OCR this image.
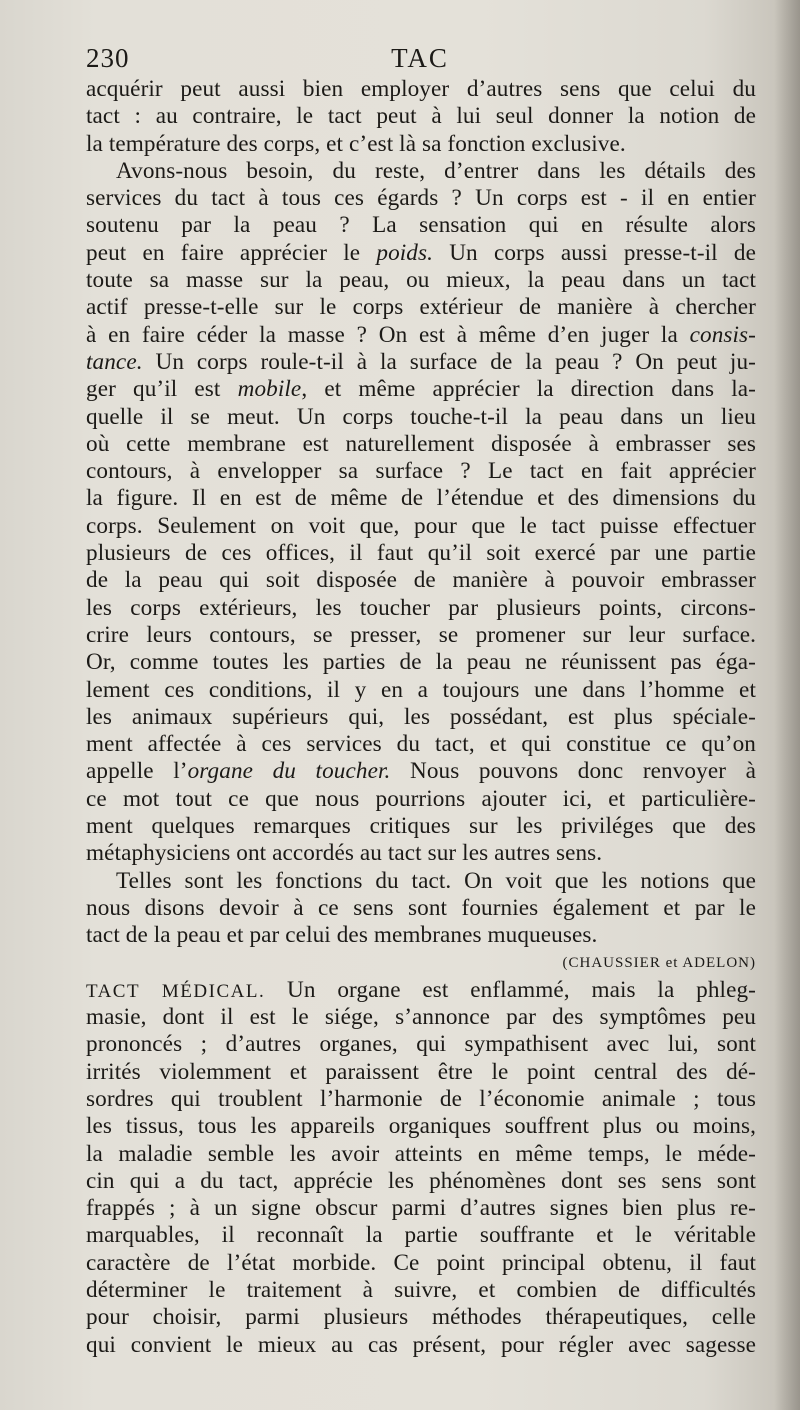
230	TAC
acquérir peut aussi bien employer d’autres sens que celui du
tact : au contraire, le tact peut à lui seul donner la notion de
la température des corps, et c’est là sa fonction exclusive.
Avons-nous besoin, du reste, d’entrer dans les détails des
services du tact à tous ces égards ? Un corps est - il en entier
soutenu par la peau ? La sensation qui en résulte alors
peut en faire apprécier le poids. Un corps aussi presse-t-il de
toute sa masse sur la peau, ou mieux, la peau dans un tact
actif presse-t-elle sur le corps extérieur de manière à chercher
à en faire céder la masse ? On est à même d’en juger la consis-
tance. Un corps roule-t-il à la surface de la peau ? On peut ju-
ger qu’il est mobile, et même apprécier la direction dans la-
quelle il se meut. Un corps touche-t-il la peau dans un lieu
où cette membrane est naturellement disposée à embrasser ses
contours, à envelopper sa surface ? Le tact en fait apprécier
la figure. Il en est de même de l’étendue et des dimensions du
corps. Seulement on voit que, pour que le tact puisse effectuer
plusieurs de ces offices, il faut qu’il soit exercé par une partie
de la peau qui soit disposée de manière à pouvoir embrasser
les corps extérieurs, les toucher par plusieurs points, circons-
crire leurs contours, se presser, se promener sur leur surface.
Or, comme toutes les parties de la peau ne réunissent pas éga-
lement ces conditions, il y en a toujours une dans l’homme et
les animaux supérieurs qui, les possédant, est plus spéciale-
ment affectée à ces services du tact, et qui constitue ce qu’on
appelle l’organe du toucher. Nous pouvons donc renvoyer à
ce mot tout ce que nous pourrions ajouter ici, et particulière-
ment quelques remarques critiques sur les priviléges que des
métaphysiciens ont accordés au tact sur les autres sens.
Telles sont les fonctions du tact. On voit que les notions que
nous disons devoir à ce sens sont fournies également et par le
tact de la peau et par celui des membranes muqueuses.
(CHAUSSIER et ADELON)
TACT MÉDICAL. Un organe est enflammé, mais la phleg-
masie, dont il est le siége, s’annonce par des symptômes peu
prononcés ; d’autres organes, qui sympathisent avec lui, sont
irrités violemment et paraissent être le point central des dé-
sordres qui troublent l’harmonie de l’économie animale ; tous
les tissus, tous les appareils organiques souffrent plus ou moins,
la maladie semble les avoir atteints en même temps, le méde-
cin qui a du tact, apprécie les phénomènes dont ses sens sont
frappés ; à un signe obscur parmi d’autres signes bien plus re-
marquables, il reconnaît la partie souffrante et le véritable
caractère de l’état morbide. Ce point principal obtenu, il faut
déterminer le traitement à suivre, et combien de difficultés
pour choisir, parmi plusieurs méthodes thérapeutiques, celle
qui convient le mieux au cas présent, pour régler avec sagesse
